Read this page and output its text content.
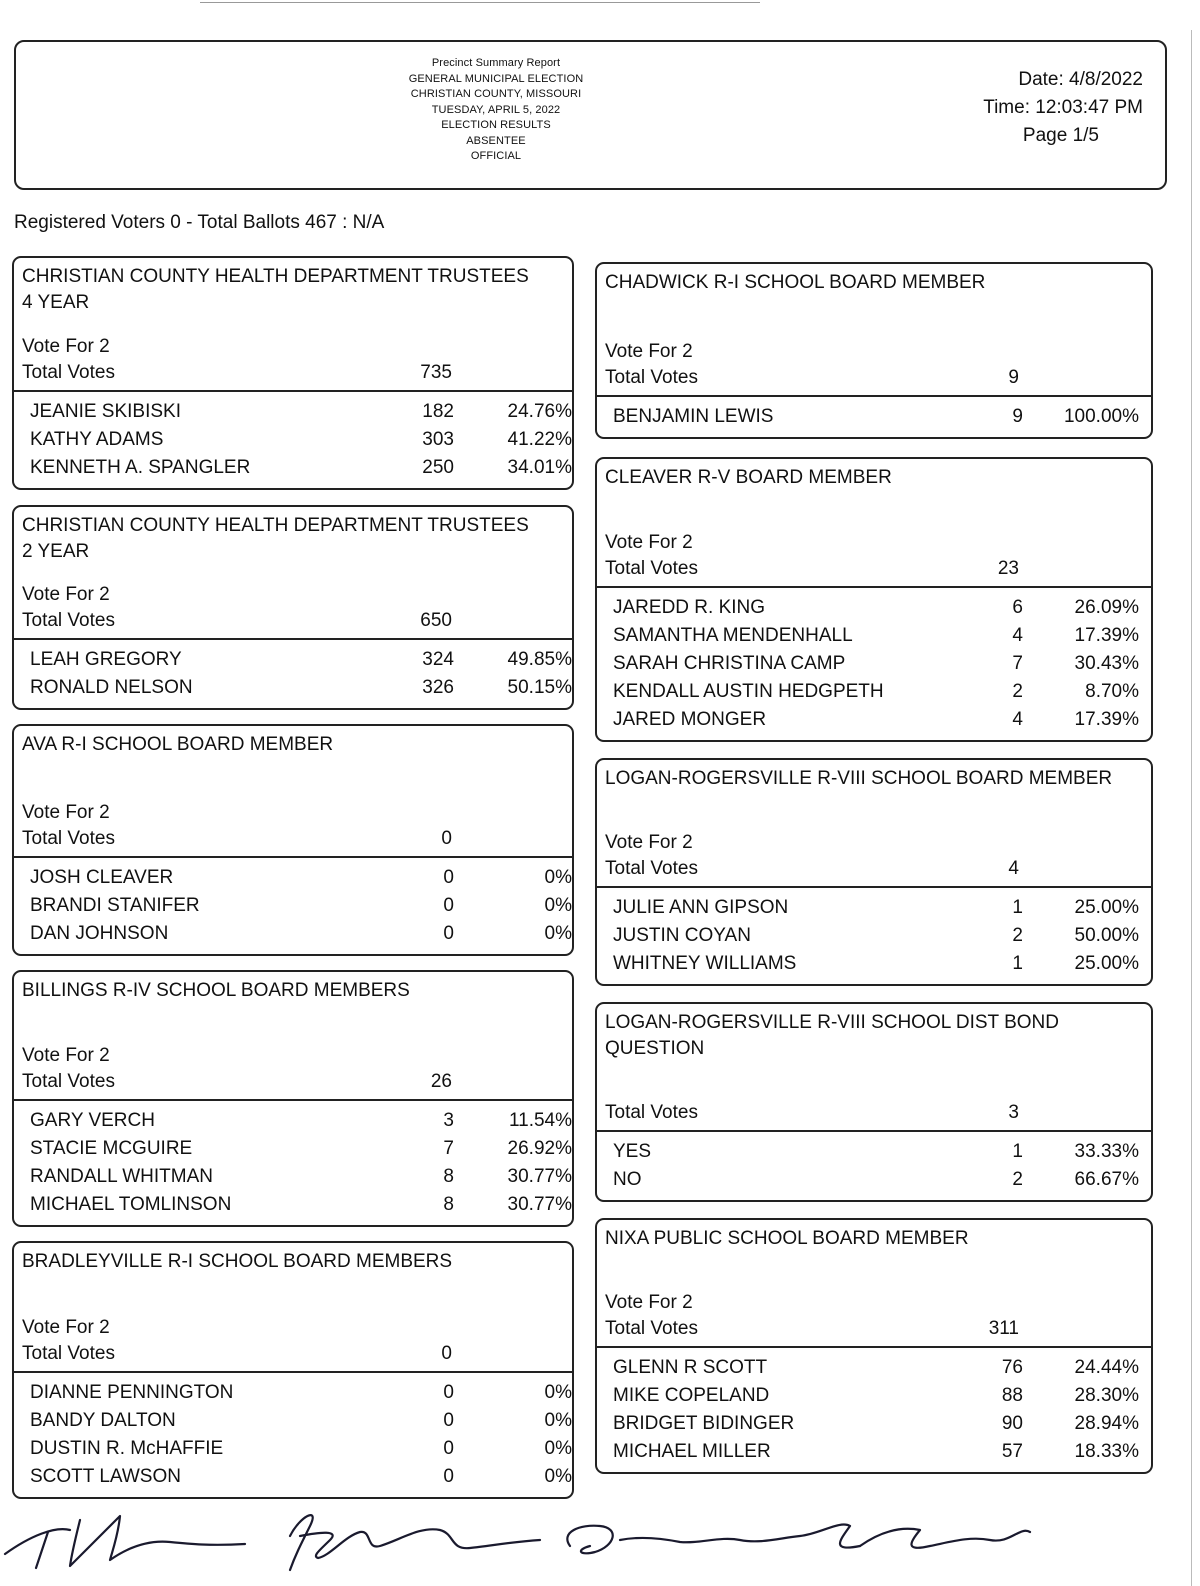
Precinct Summary Report
GENERAL MUNICIPAL ELECTION
CHRISTIAN COUNTY, MISSOURI
TUESDAY, APRIL 5, 2022
ELECTION RESULTS
ABSENTEE
OFFICIAL
Date: 4/8/2022
Time: 12:03:47 PM
Page 1/5
Registered Voters 0 - Total Ballots 467 : N/A
CHRISTIAN COUNTY HEALTH DEPARTMENT TRUSTEES
4 YEAR
Vote For 2
Total Votes	735
JEANIE SKIBISKI	182	24.76%
KATHY ADAMS	303	41.22%
KENNETH A. SPANGLER	250	34.01%
CHRISTIAN COUNTY HEALTH DEPARTMENT TRUSTEES
2 YEAR
Vote For 2
Total Votes	650
LEAH GREGORY	324	49.85%
RONALD NELSON	326	50.15%
AVA R-I SCHOOL BOARD MEMBER
Vote For 2
Total Votes	0
JOSH CLEAVER	0	0%
BRANDI STANIFER	0	0%
DAN JOHNSON	0	0%
BILLINGS R-IV SCHOOL BOARD MEMBERS
Vote For 2
Total Votes	26
GARY VERCH	3	11.54%
STACIE MCGUIRE	7	26.92%
RANDALL WHITMAN	8	30.77%
MICHAEL TOMLINSON	8	30.77%
BRADLEYVILLE R-I SCHOOL BOARD MEMBERS
Vote For 2
Total Votes	0
DIANNE PENNINGTON	0	0%
BANDY DALTON	0	0%
DUSTIN R. McHAFFIE	0	0%
SCOTT LAWSON	0	0%
CHADWICK R-I SCHOOL BOARD MEMBER
Vote For 2
Total Votes	9
BENJAMIN LEWIS	9	100.00%
CLEAVER R-V BOARD MEMBER
Vote For 2
Total Votes	23
JAREDD R. KING	6	26.09%
SAMANTHA MENDENHALL	4	17.39%
SARAH CHRISTINA CAMP	7	30.43%
KENDALL AUSTIN HEDGPETH	2	8.70%
JARED MONGER	4	17.39%
LOGAN-ROGERSVILLE R-VIII SCHOOL BOARD MEMBER
Vote For 2
Total Votes	4
JULIE ANN GIPSON	1	25.00%
JUSTIN COYAN	2	50.00%
WHITNEY WILLIAMS	1	25.00%
LOGAN-ROGERSVILLE R-VIII SCHOOL DIST BOND
QUESTION
Total Votes	3
YES	1	33.33%
NO	2	66.67%
NIXA PUBLIC SCHOOL BOARD MEMBER
Vote For 2
Total Votes	311
GLENN R SCOTT	76	24.44%
MIKE COPELAND	88	28.30%
BRIDGET BIDINGER	90	28.94%
MICHAEL MILLER	57	18.33%
